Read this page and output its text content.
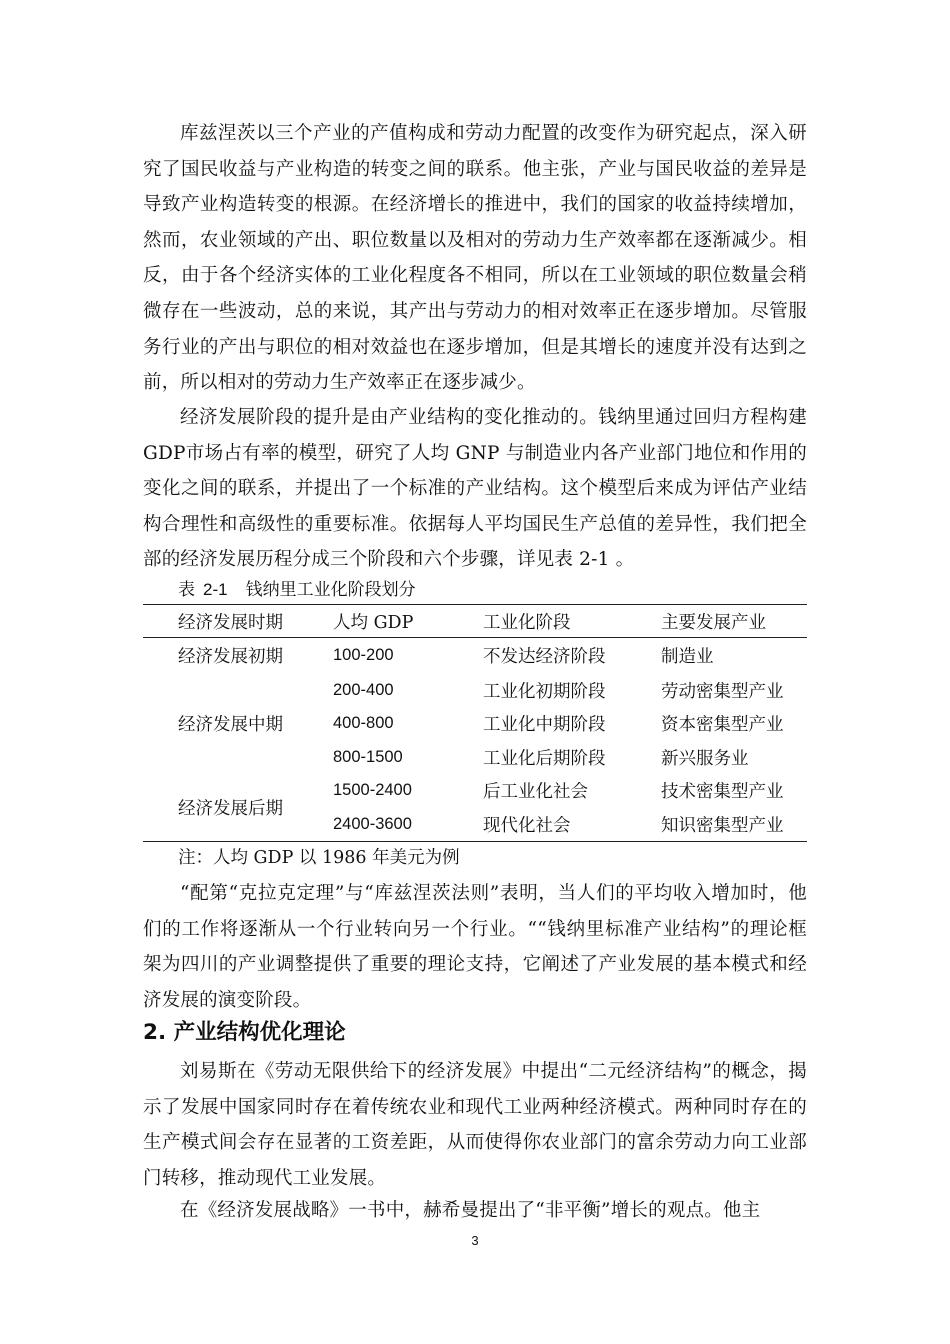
库兹涅茨以三个产业的产值构成和劳动力配置的改变作为研究起点，深入研究了国民收益与产业构造的转变之间的联系。他主张，产业与国民收益的差异是导致产业构造转变的根源。在经济增长的推进中，我们的国家的收益持续增加，然而，农业领域的产出、职位数量以及相对的劳动力生产效率都在逐渐减少。相反，由于各个经济实体的工业化程度各不相同，所以在工业领域的职位数量会稍微存在一些波动，总的来说，其产出与劳动力的相对效率正在逐步增加。尽管服务行业的产出与职位的相对效益也在逐步增加，但是其增长的速度并没有达到之前，所以相对的劳动力生产效率正在逐步减少。

经济发展阶段的提升是由产业结构的变化推动的。钱纳里通过回归方程构建GDP市场占有率的模型，研究了人均 GNP 与制造业内各产业部门地位和作用的变化之间的联系，并提出了一个标准的产业结构。这个模型后来成为评估产业结构合理性和高级性的重要标准。依据每人平均国民生产总值的差异性，我们把全部的经济发展历程分成三个阶段和六个步骤，详见表 2-1 。

表 2-1 钱纳里工业化阶段划分
经济发展时期	人均 GDP	工业化阶段	主要发展产业
经济发展初期	100-200	不发达经济阶段	制造业
经济发展中期	200-400	工业化初期阶段	劳动密集型产业
	400-800	工业化中期阶段	资本密集型产业
	800-1500	工业化后期阶段	新兴服务业
经济发展后期	1500-2400	后工业化社会	技术密集型产业
	2400-3600	现代化社会	知识密集型产业
注：人均 GDP 以 1986 年美元为例

“配第“克拉克定理”与“库兹涅茨法则”表明，当人们的平均收入增加时，他们的工作将逐渐从一个行业转向另一个行业。““钱纳里标准产业结构”的理论框架为四川的产业调整提供了重要的理论支持，它阐述了产业发展的基本模式和经济发展的演变阶段。

2. 产业结构优化理论

刘易斯在《劳动无限供给下的经济发展》中提出“二元经济结构”的概念，揭示了发展中国家同时存在着传统农业和现代工业两种经济模式。两种同时存在的生产模式间会存在显著的工资差距，从而使得你农业部门的富余劳动力向工业部门转移，推动现代工业发展。

在《经济发展战略》一书中，赫希曼提出了“非平衡”增长的观点。他主

3
